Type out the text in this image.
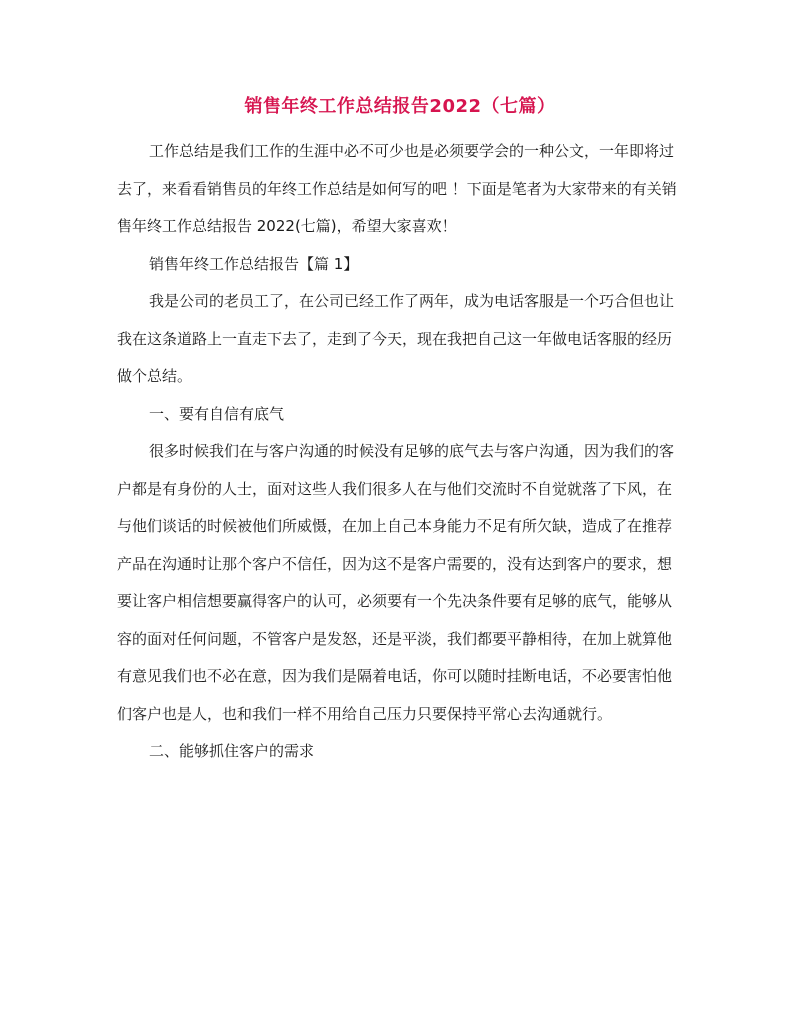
销售年终工作总结报告2022（七篇）

工作总结是我们工作的生涯中必不可少也是必须要学会的一种公文，一年即将过去了，来看看销售员的年终工作总结是如何写的吧 ！下面是笔者为大家带来的有关销售年终工作总结报告 2022(七篇)，希望大家喜欢！

销售年终工作总结报告【篇 1】

我是公司的老员工了，在公司已经工作了两年，成为电话客服是一个巧合但也让我在这条道路上一直走下去了，走到了今天，现在我把自己这一年做电话客服的经历做个总结。

一、要有自信有底气

很多时候我们在与客户沟通的时候没有足够的底气去与客户沟通，因为我们的客户都是有身份的人士，面对这些人我们很多人在与他们交流时不自觉就落了下风，在与他们谈话的时候被他们所威慑，在加上自己本身能力不足有所欠缺，造成了在推荐产品在沟通时让那个客户不信任，因为这不是客户需要的，没有达到客户的要求，想要让客户相信想要赢得客户的认可，必须要有一个先决条件要有足够的底气，能够从容的面对任何问题，不管客户是发怒，还是平淡，我们都要平静相待，在加上就算他有意见我们也不必在意，因为我们是隔着电话，你可以随时挂断电话，不必要害怕他们客户也是人，也和我们一样不用给自己压力只要保持平常心去沟通就行。

二、能够抓住客户的需求
